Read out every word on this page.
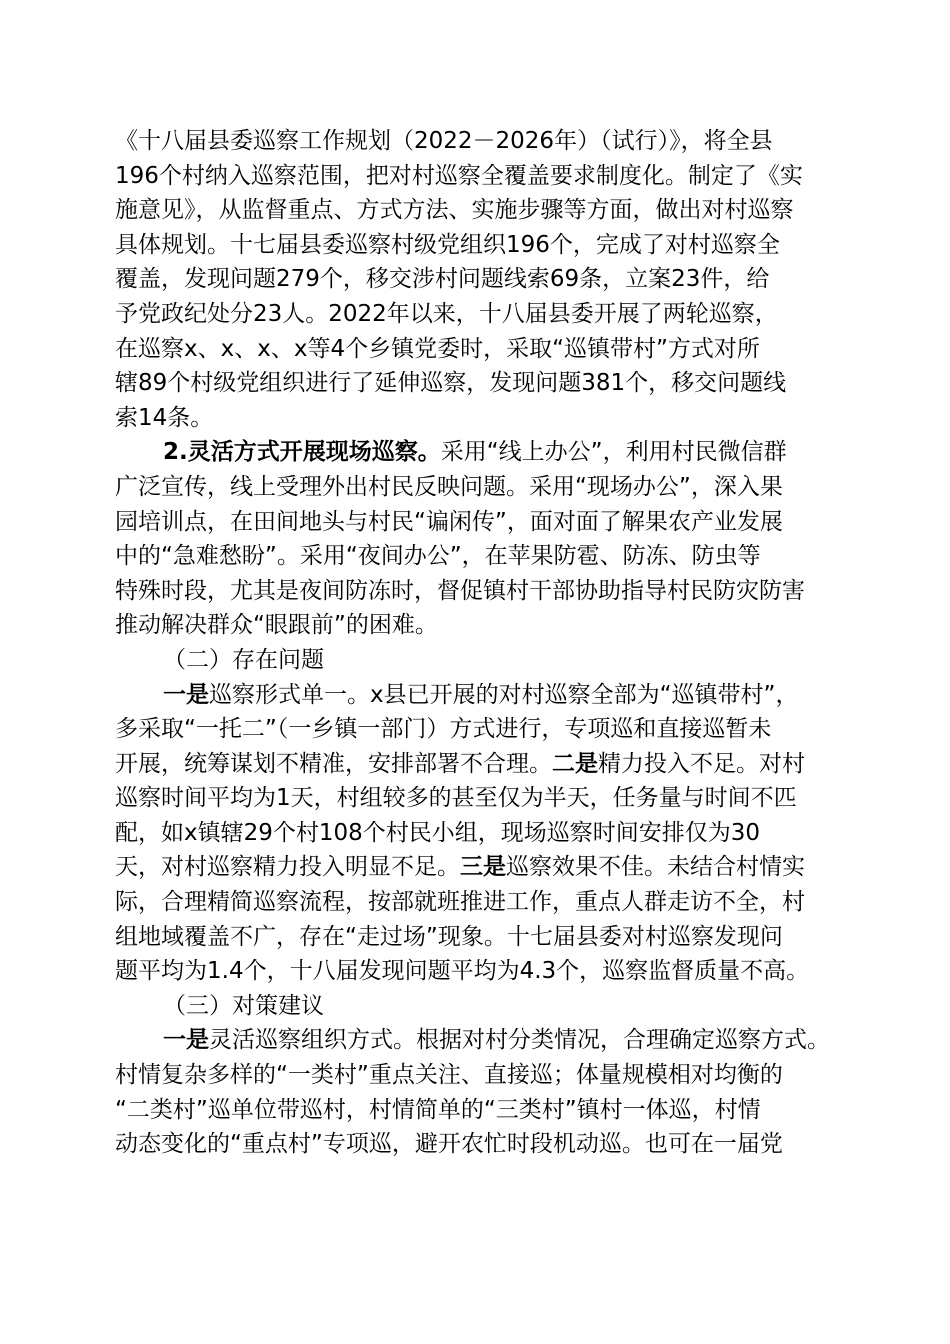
《十八届县委巡察工作规划（2022－2026年）（试行）》，将全县
196个村纳入巡察范围，把对村巡察全覆盖要求制度化。制定了《实
施意见》，从监督重点、方式方法、实施步骤等方面，做出对村巡察
具体规划。十七届县委巡察村级党组织196个，完成了对村巡察全
覆盖，发现问题279个，移交涉村问题线索69条，立案23件，给
予党政纪处分23人。2022年以来，十八届县委开展了两轮巡察，
在巡察x、x、x、x等4个乡镇党委时，采取“巡镇带村”方式对所
辖89个村级党组织进行了延伸巡察，发现问题381个，移交问题线
索14条。
2.灵活方式开展现场巡察。采用“线上办公”，利用村民微信群
广泛宣传，线上受理外出村民反映问题。采用“现场办公”，深入果
园培训点，在田间地头与村民“谝闲传”，面对面了解果农产业发展
中的“急难愁盼”。采用“夜间办公”，在苹果防雹、防冻、防虫等
特殊时段，尤其是夜间防冻时，督促镇村干部协助指导村民防灾防害
推动解决群众“眼跟前”的困难。
（二）存在问题
一是巡察形式单一。x县已开展的对村巡察全部为“巡镇带村”，
多采取“一托二”（一乡镇一部门）方式进行，专项巡和直接巡暂未
开展，统筹谋划不精准，安排部署不合理。二是精力投入不足。对村
巡察时间平均为1天，村组较多的甚至仅为半天，任务量与时间不匹
配，如x镇辖29个村108个村民小组，现场巡察时间安排仅为30
天，对村巡察精力投入明显不足。三是巡察效果不佳。未结合村情实
际，合理精简巡察流程，按部就班推进工作，重点人群走访不全，村
组地域覆盖不广，存在“走过场”现象。十七届县委对村巡察发现问
题平均为1.4个，十八届发现问题平均为4.3个，巡察监督质量不高。
（三）对策建议
一是灵活巡察组织方式。根据对村分类情况，合理确定巡察方式。
村情复杂多样的“一类村”重点关注、直接巡；体量规模相对均衡的
“二类村”巡单位带巡村，村情简单的“三类村”镇村一体巡，村情
动态变化的“重点村”专项巡，避开农忙时段机动巡。也可在一届党
